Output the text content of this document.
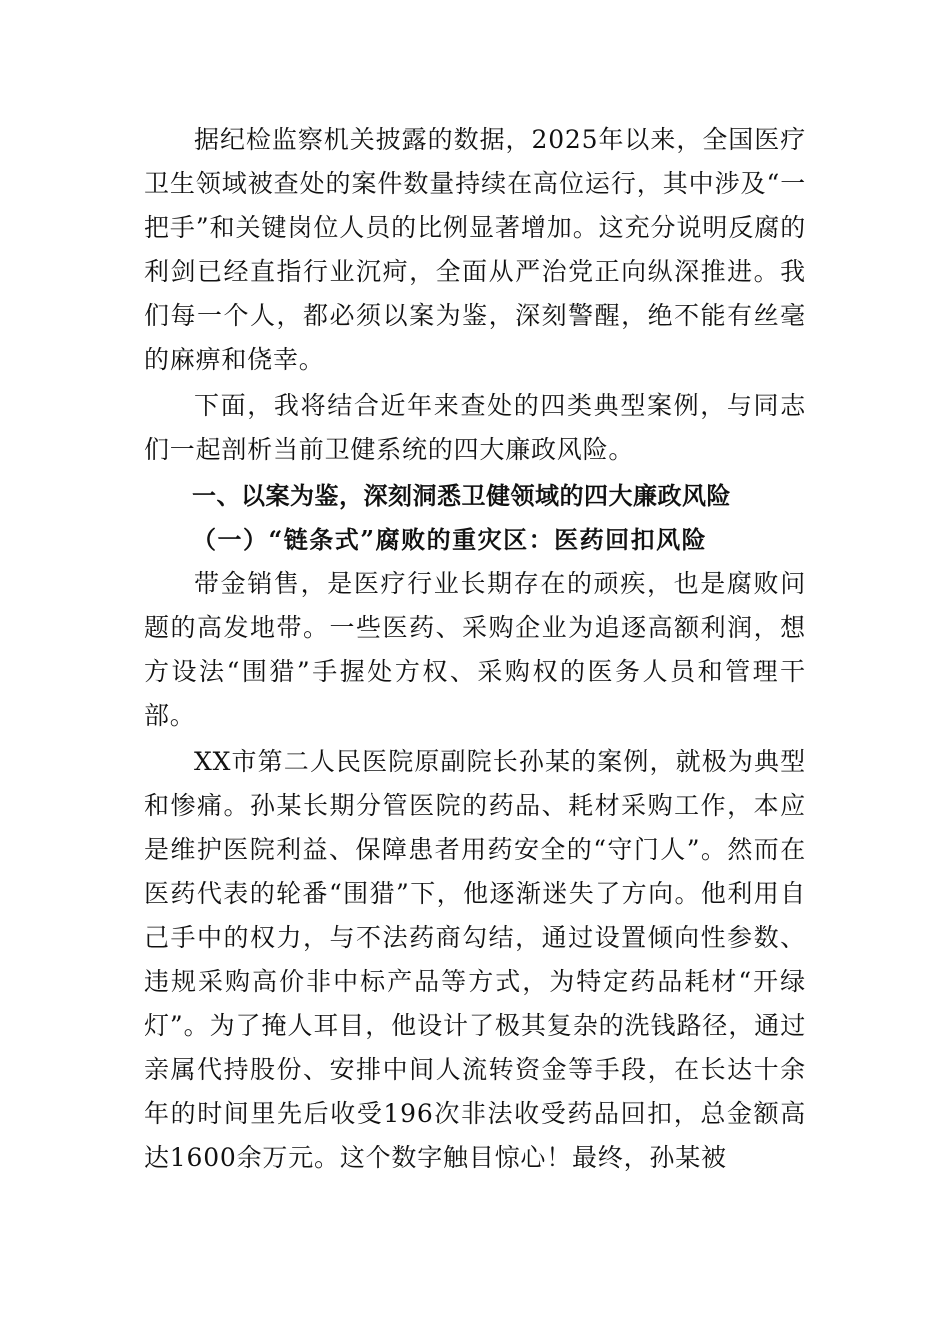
据纪检监察机关披露的数据，2025年以来，全国医疗卫生领域被查处的案件数量持续在高位运行，其中涉及“一把手”和关键岗位人员的比例显著增加。这充分说明反腐的利剑已经直指行业沉疴，全面从严治党正向纵深推进。我们每一个人，都必须以案为鉴，深刻警醒，绝不能有丝毫的麻痹和侥幸。

下面，我将结合近年来查处的四类典型案例，与同志们一起剖析当前卫健系统的四大廉政风险。

一、以案为鉴，深刻洞悉卫健领域的四大廉政风险
（一）“链条式”腐败的重灾区：医药回扣风险

带金销售，是医疗行业长期存在的顽疾，也是腐败问题的高发地带。一些医药、采购企业为追逐高额利润，想方设法“围猎”手握处方权、采购权的医务人员和管理干部。

XX市第二人民医院原副院长孙某的案例，就极为典型和惨痛。孙某长期分管医院的药品、耗材采购工作，本应是维护医院利益、保障患者用药安全的“守门人”。然而在医药代表的轮番“围猎”下，他逐渐迷失了方向。他利用自己手中的权力，与不法药商勾结，通过设置倾向性参数、违规采购高价非中标产品等方式，为特定药品耗材“开绿灯”。为了掩人耳目，他设计了极其复杂的洗钱路径，通过亲属代持股份、安排中间人流转资金等手段，在长达十余年的时间里先后收受196次非法收受药品回扣，总金额高达1600余万元。这个数字触目惊心！最终，孙某被
